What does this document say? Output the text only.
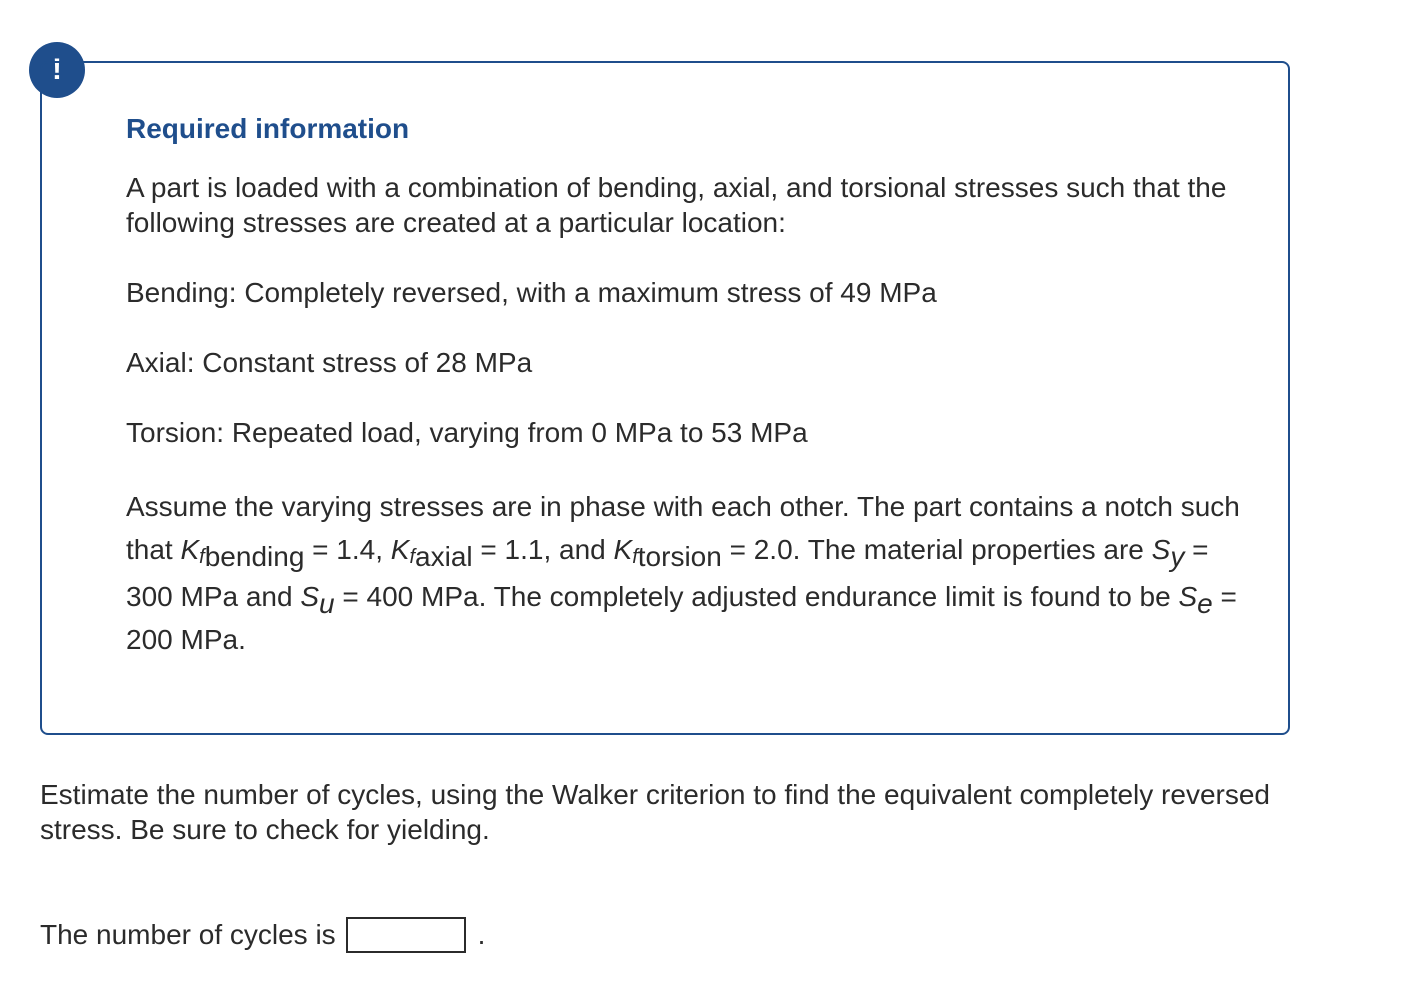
!
Required information

A part is loaded with a combination of bending, axial, and torsional stresses such that the following stresses are created at a particular location:

Bending: Completely reversed, with a maximum stress of 49 MPa

Axial: Constant stress of 28 MPa

Torsion: Repeated load, varying from 0 MPa to 53 MPa

Assume the varying stresses are in phase with each other. The part contains a notch such that Kfbending = 1.4, Kfaxial = 1.1, and Kftorsion = 2.0. The material properties are Sy = 300 MPa and Su = 400 MPa. The completely adjusted endurance limit is found to be Se = 200 MPa.

Estimate the number of cycles, using the Walker criterion to find the equivalent completely reversed stress. Be sure to check for yielding.

The number of cycles is	.
